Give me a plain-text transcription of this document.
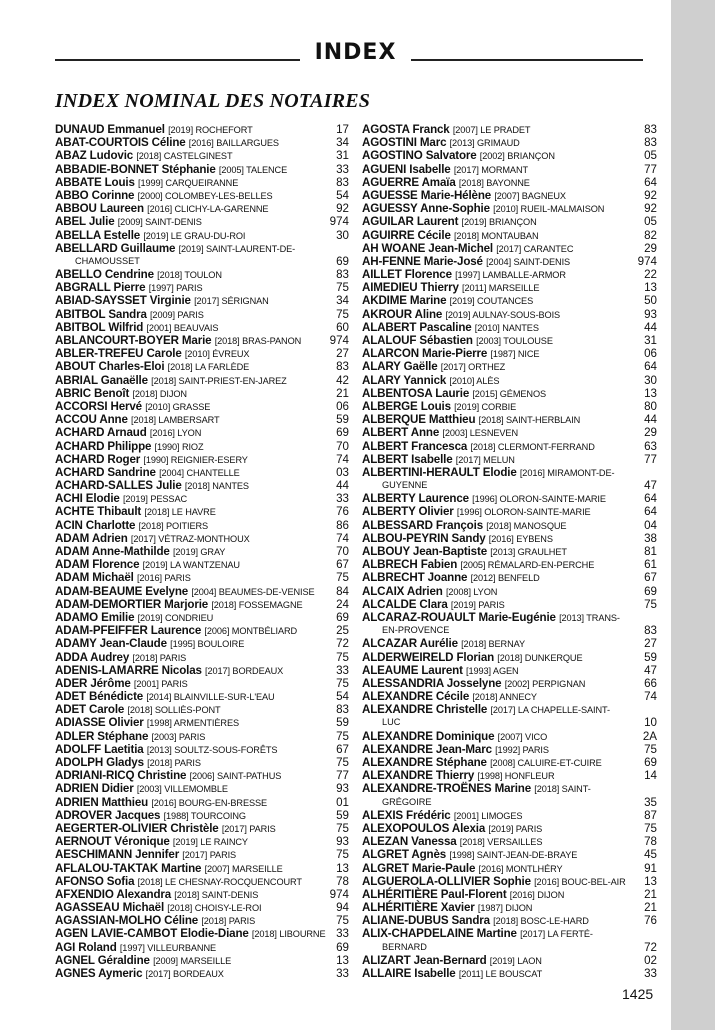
INDEX
INDEX NOMINAL DES NOTAIRES
DUNAUD Emmanuel [2019] ROCHEFORT	17
ABAT-COURTOIS Céline [2016] BAILLARGUES	34
ABAZ Ludovic [2018] CASTELGINEST	31
ABBADIE-BONNET Stéphanie [2005] TALENCE	33
ABBATE Louis [1999] CARQUEIRANNE	83
ABBO Corinne [2000] COLOMBEY-LES-BELLES	54
ABBOU Laureen [2016] CLICHY-LA-GARENNE	92
ABEL Julie [2009] SAINT-DENIS	974
ABELLA Estelle [2019] LE GRAU-DU-ROI	30
ABELLARD Guillaume [2019] SAINT-LAURENT-DE-
CHAMOUSSET	69
ABELLO Cendrine [2018] TOULON	83
ABGRALL Pierre [1997] PARIS	75
ABIAD-SAYSSET Virginie [2017] SÉRIGNAN	34
ABITBOL Sandra [2009] PARIS	75
ABITBOL Wilfrid [2001] BEAUVAIS	60
ABLANCOURT-BOYER Marie [2018] BRAS-PANON 974
ABLER-TREFEU Carole [2010] ÉVREUX	27
ABOUT Charles-Eloi [2018] LA FARLÈDE	83
ABRIAL Ganaëlle [2018] SAINT-PRIEST-EN-JAREZ	42
ABRIC Benoît [2018] DIJON	21
ACCORSI Hervé [2010] GRASSE	06
ACCOU Anne [2018] LAMBERSART	59
ACHARD Arnaud [2016] LYON	69
ACHARD Philippe [1990] RIOZ	70
ACHARD Roger [1990] REIGNIER-ESERY	74
ACHARD Sandrine [2004] CHANTELLE	03
ACHARD-SALLES Julie [2018] NANTES	44
ACHI Elodie [2019] PESSAC	33
ACHTE Thibault [2018] LE HAVRE	76
ACIN Charlotte [2018] POITIERS	86
ADAM Adrien [2017] VÉTRAZ-MONTHOUX	74
ADAM Anne-Mathilde [2019] GRAY	70
ADAM Florence [2019] LA WANTZENAU	67
ADAM Michaël [2016] PARIS	75
ADAM-BEAUME Evelyne [2004] BEAUMES-DE-VENISE 84
ADAM-DEMORTIER Marjorie [2018] FOSSEMAGNE	24
ADAMO Emilie [2019] CONDRIEU	69
ADAM-PFEIFFER Laurence [2006] MONTBÉLIARD	25
ADAMY Jean-Claude [1995] BOULOIRE	72
ADDA Audrey [2018] PARIS	75
ADENIS-LAMARRE Nicolas [2017] BORDEAUX	33
ADER Jérôme [2001] PARIS	75
ADET Bénédicte [2014] BLAINVILLE-SUR-L'EAU	54
ADET Carole [2018] SOLLIÈS-PONT	83
ADIASSE Olivier [1998] ARMENTIÈRES	59
ADLER Stéphane [2003] PARIS	75
ADOLFF Laetitia [2013] SOULTZ-SOUS-FORÊTS	67
ADOLPH Gladys [2018] PARIS	75
ADRIANI-RICQ Christine [2006] SAINT-PATHUS	77
ADRIEN Didier [2003] VILLEMOMBLE	93
ADRIEN Matthieu [2016] BOURG-EN-BRESSE	01
ADROVER Jacques [1988] TOURCOING	59
AEGERTER-OLIVIER Christèle [2017] PARIS	75
AERNOUT Véronique [2019] LE RAINCY	93
AESCHIMANN Jennifer [2017] PARIS	75
AFLALOU-TAKTAK Martine [2007] MARSEILLE	13
AFONSO Sofia [2018] LE CHESNAY-ROCQUENCOURT	78
AFXENDIO Alexandra [2018] SAINT-DENIS	974
AGASSEAU Michaël [2018] CHOISY-LE-ROI	94
AGASSIAN-MOLHO Céline [2018] PARIS	75
AGEN LAVIE-CAMBOT Elodie-Diane [2018] LIBOURNE 33
AGI Roland [1997] VILLEURBANNE	69
AGNEL Géraldine [2009] MARSEILLE	13
AGNES Aymeric [2017] BORDEAUX	33
AGOSTA Franck [2007] LE PRADET	83
AGOSTINI Marc [2013] GRIMAUD	83
AGOSTINO Salvatore [2002] BRIANÇON	05
AGUENI Isabelle [2017] MORMANT	77
AGUERRE Amaïa [2018] BAYONNE	64
AGUESSE Marie-Hélène [2007] BAGNEUX	92
AGUESSY Anne-Sophie [2010] RUEIL-MALMAISON	92
AGUILAR Laurent [2019] BRIANÇON	05
AGUIRRE Cécile [2018] MONTAUBAN	82
AH WOANE Jean-Michel [2017] CARANTEC	29
AH-FENNE Marie-José [2004] SAINT-DENIS	974
AILLET Florence [1997] LAMBALLE-ARMOR	22
AIMEDIEU Thierry [2011] MARSEILLE	13
AKDIME Marine [2019] COUTANCES	50
AKROUR Aline [2019] AULNAY-SOUS-BOIS	93
ALABERT Pascaline [2010] NANTES	44
ALALOUF Sébastien [2003] TOULOUSE	31
ALARCON Marie-Pierre [1987] NICE	06
ALARY Gaëlle [2017] ORTHEZ	64
ALARY Yannick [2010] ALÈS	30
ALBENTOSA Laurie [2015] GÉMENOS	13
ALBERGE Louis [2019] CORBIE	80
ALBERQUE Matthieu [2018] SAINT-HERBLAIN	44
ALBERT Anne [2003] LESNEVEN	29
ALBERT Francesca [2018] CLERMONT-FERRAND	63
ALBERT Isabelle [2017] MELUN	77
ALBERTINI-HERAULT Elodie [2016] MIRAMONT-DE-
GUYENNE	47
ALBERTY Laurence [1996] OLORON-SAINTE-MARIE	64
ALBERTY Olivier [1996] OLORON-SAINTE-MARIE	64
ALBESSARD François [2018] MANOSQUE	04
ALBOU-PEYRIN Sandy [2016] EYBENS	38
ALBOUY Jean-Baptiste [2013] GRAULHET	81
ALBRECH Fabien [2005] RÉMALARD-EN-PERCHE	61
ALBRECHT Joanne [2012] BENFELD	67
ALCAIX Adrien [2008] LYON	69
ALCALDE Clara [2019] PARIS	75
ALCARAZ-ROUAULT Marie-Eugénie [2013] TRANS-
EN-PROVENCE	83
ALCAZAR Aurélie [2018] BERNAY	27
ALDERWEIRELD Florian [2018] DUNKERQUE	59
ALEAUME Laurent [1993] AGEN	47
ALESSANDRIA Josselyne [2002] PERPIGNAN	66
ALEXANDRE Cécile [2018] ANNECY	74
ALEXANDRE Christelle [2017] LA CHAPELLE-SAINT-
LUC	10
ALEXANDRE Dominique [2007] VICO	2A
ALEXANDRE Jean-Marc [1992] PARIS	75
ALEXANDRE Stéphane [2008] CALUIRE-ET-CUIRE	69
ALEXANDRE Thierry [1998] HONFLEUR	14
ALEXANDRE-TROËNES Marine [2018] SAINT-
GRÉGOIRE	35
ALEXIS Frédéric [2001] LIMOGES	87
ALEXOPOULOS Alexia [2019] PARIS	75
ALEZAN Vanessa [2018] VERSAILLES	78
ALGRET Agnès [1998] SAINT-JEAN-DE-BRAYE	45
ALGRET Marie-Paule [2016] MONTLHÉRY	91
ALGUEROLA-OLLIVIER Sophie [2016] BOUC-BEL-AIR 13
ALHÉRITIÈRE Paul-Florent [2016] DIJON	21
ALHÉRITIÈRE Xavier [1987] DIJON	21
ALIANE-DUBUS Sandra [2018] BOSC-LE-HARD	76
ALIX-CHAPDELAINE Martine [2017] LA FERTÉ-
BERNARD	72
ALIZART Jean-Bernard [2019] LAON	02
ALLAIRE Isabelle [2011] LE BOUSCAT	33
1425
